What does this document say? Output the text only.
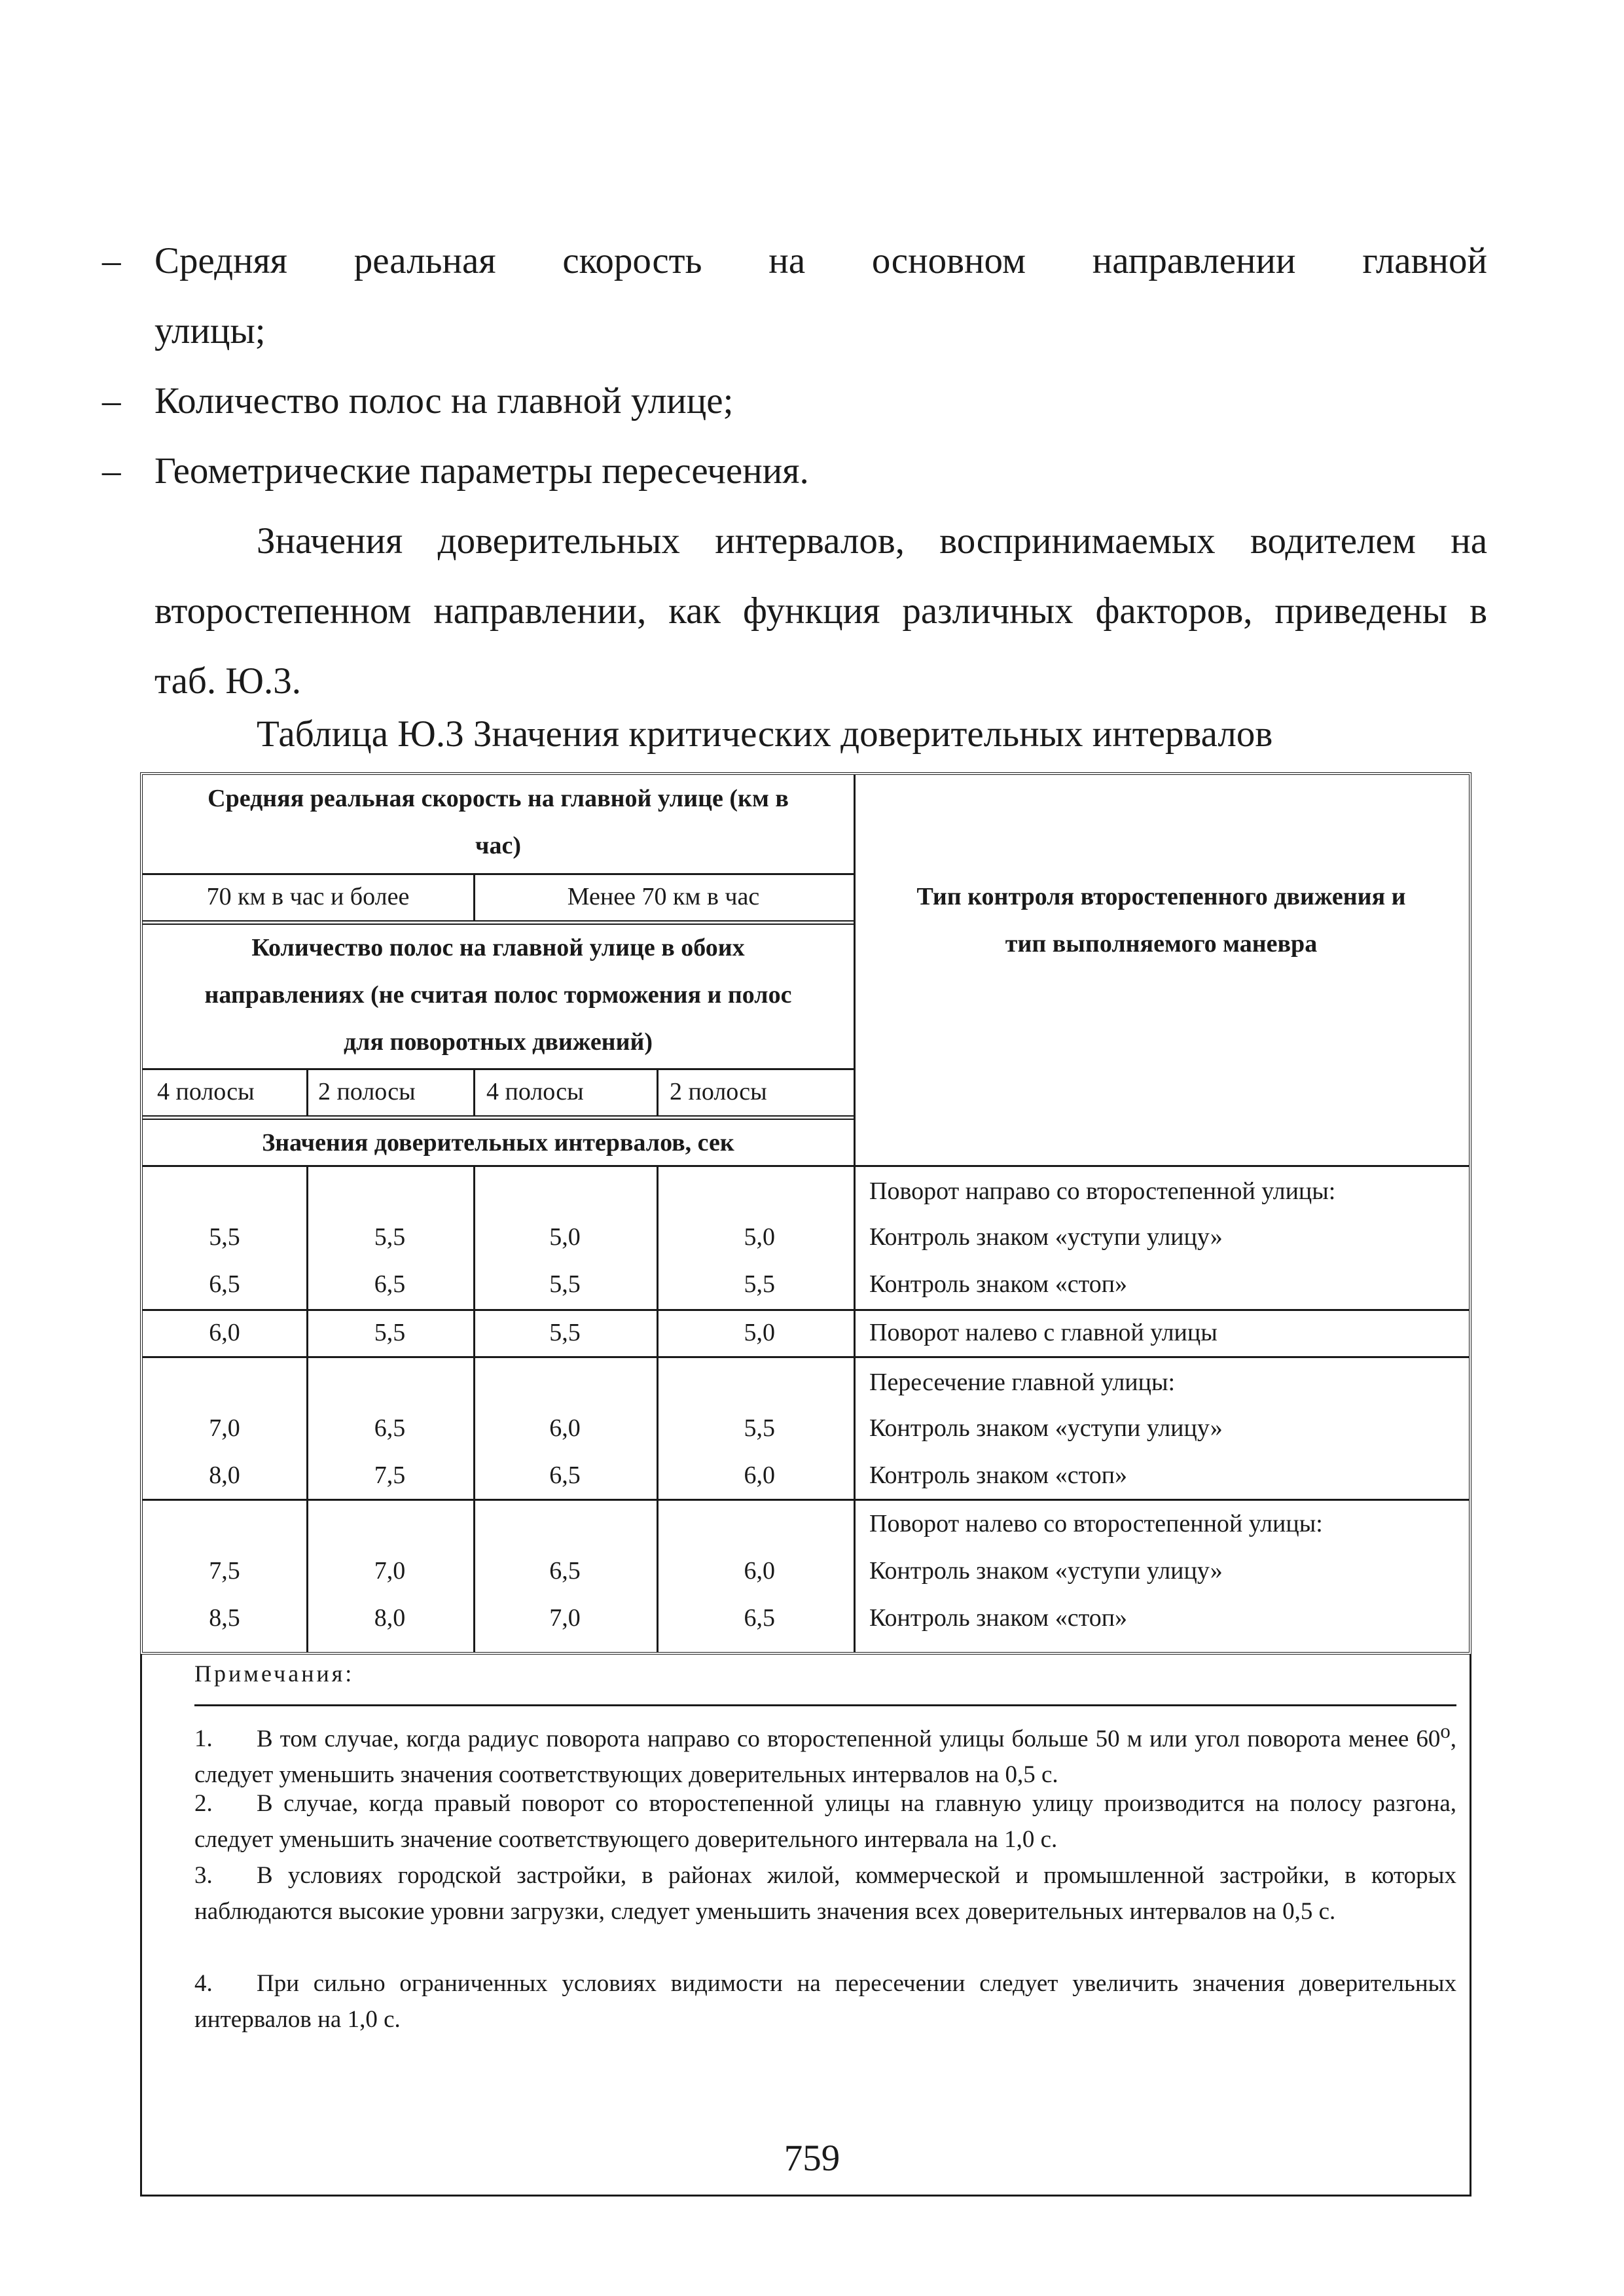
– Средняя реальная скорость на основном направлении главной
улицы;
– Количество полос на главной улице;
– Геометрические параметры пересечения.
Значения доверительных интервалов, воспринимаемых водителем на
второстепенном направлении, как функция различных факторов, приведены в
таб. Ю.3.
Таблица Ю.3 Значения критических доверительных интервалов
Средняя реальная скорость на главной улице (км в
час)
70 км в час и более	Менее 70 км в час
Количество полос на главной улице в обоих
направлениях (не считая полос торможения и полос
для поворотных движений)
4 полосы	2 полосы	4 полосы	2 полосы
Значения доверительных интервалов, сек
Тип контроля второстепенного движения и
тип выполняемого маневра
Поворот направо со второстепенной улицы:
5,5	5,5	5,0	5,0	Контроль знаком «уступи улицу»
6,5	6,5	5,5	5,5	Контроль знаком «стоп»
6,0	5,5	5,5	5,0	Поворот налево с главной улицы
Пересечение главной улицы:
7,0	6,5	6,0	5,5	Контроль знаком «уступи улицу»
8,0	7,5	6,5	6,0	Контроль знаком «стоп»
Поворот налево со второстепенной улицы:
7,5	7,0	6,5	6,0	Контроль знаком «уступи улицу»
8,5	8,0	7,0	6,5	Контроль знаком «стоп»
Примечания:
1. В том случае, когда радиус поворота направо со второстепенной улицы больше 50 м или угол поворота менее $60^о$, следует уменьшить значения соответствующих доверительных интервалов на 0,5 с.
2. В случае, когда правый поворот со второстепенной улицы на главную улицу производится на полосу разгона, следует уменьшить значение соответствующего доверительного интервала на 1,0 с.
3. В условиях городской застройки, в районах жилой, коммерческой и промышленной застройки, в которых наблюдаются высокие уровни загрузки, следует уменьшить значения всех доверительных интервалов на 0,5 с.
4. При сильно ограниченных условиях видимости на пересечении следует увеличить значения доверительных интервалов на 1,0 с.
759
